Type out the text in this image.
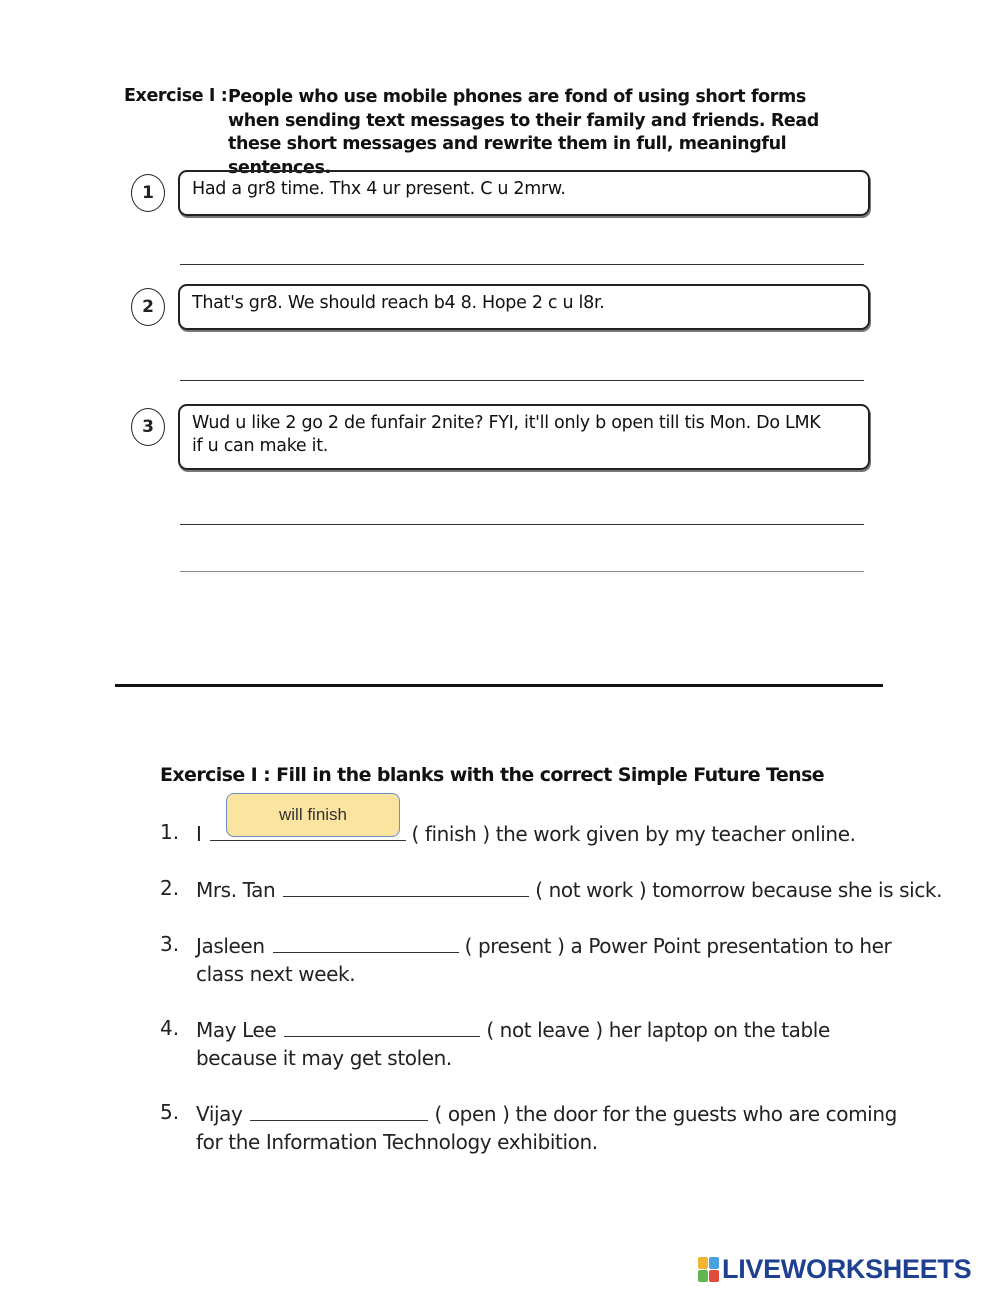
Exercise I : People who use mobile phones are fond of using short forms when sending text messages to their family and friends. Read these short messages and rewrite them in full, meaningful sentences.
1	Had a gr8 time. Thx 4 ur present. C u 2mrw.
2	That's gr8. We should reach b4 8. Hope 2 c u l8r.
3	Wud u like 2 go 2 de funfair 2nite? FYI, it'll only b open till tis Mon. Do LMK if u can make it.
Exercise I : Fill in the blanks with the correct Simple Future Tense
1. I	( finish ) the work given by my teacher online.
2. Mrs. Tan	( not work ) tomorrow because she is sick.
3. Jasleen	( present ) a Power Point presentation to her
class next week.
4. May Lee	( not leave ) her laptop on the table
because it may get stolen.
5. Vijay	( open ) the door for the guests who are coming
for the Information Technology exhibition.
will finish
LIVEWORKSHEETS
